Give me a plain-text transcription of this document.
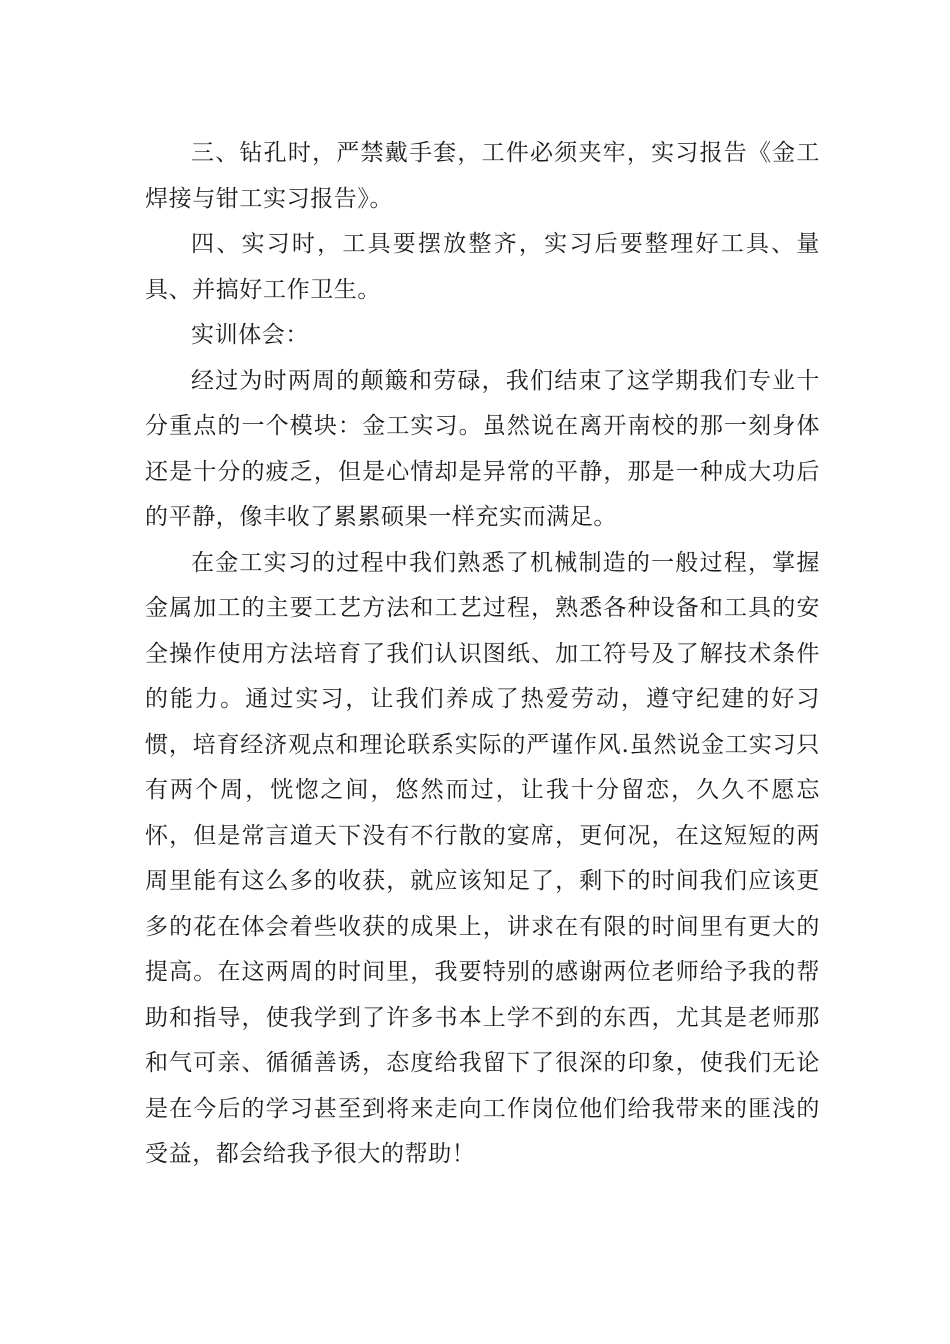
三、钻孔时，严禁戴手套，工件必须夹牢，实习报告《金工焊接与钳工实习报告》。

四、实习时，工具要摆放整齐，实习后要整理好工具、量具、并搞好工作卫生。

实训体会：

经过为时两周的颠簸和劳碌，我们结束了这学期我们专业十分重点的一个模块：金工实习。虽然说在离开南校的那一刻身体还是十分的疲乏，但是心情却是异常的平静，那是一种成大功后的平静，像丰收了累累硕果一样充实而满足。

在金工实习的过程中我们熟悉了机械制造的一般过程，掌握金属加工的主要工艺方法和工艺过程，熟悉各种设备和工具的安全操作使用方法培育了我们认识图纸、加工符号及了解技术条件的能力。通过实习，让我们养成了热爱劳动，遵守纪建的好习惯，培育经济观点和理论联系实际的严谨作风.虽然说金工实习只有两个周，恍惚之间，悠然而过，让我十分留恋，久久不愿忘怀，但是常言道天下没有不行散的宴席，更何况，在这短短的两周里能有这么多的收获，就应该知足了，剩下的时间我们应该更多的花在体会着些收获的成果上，讲求在有限的时间里有更大的提高。在这两周的时间里，我要特别的感谢两位老师给予我的帮助和指导，使我学到了许多书本上学不到的东西，尤其是老师那和气可亲、循循善诱，态度给我留下了很深的印象，使我们无论是在今后的学习甚至到将来走向工作岗位他们给我带来的匪浅的受益，都会给我予很大的帮助！
